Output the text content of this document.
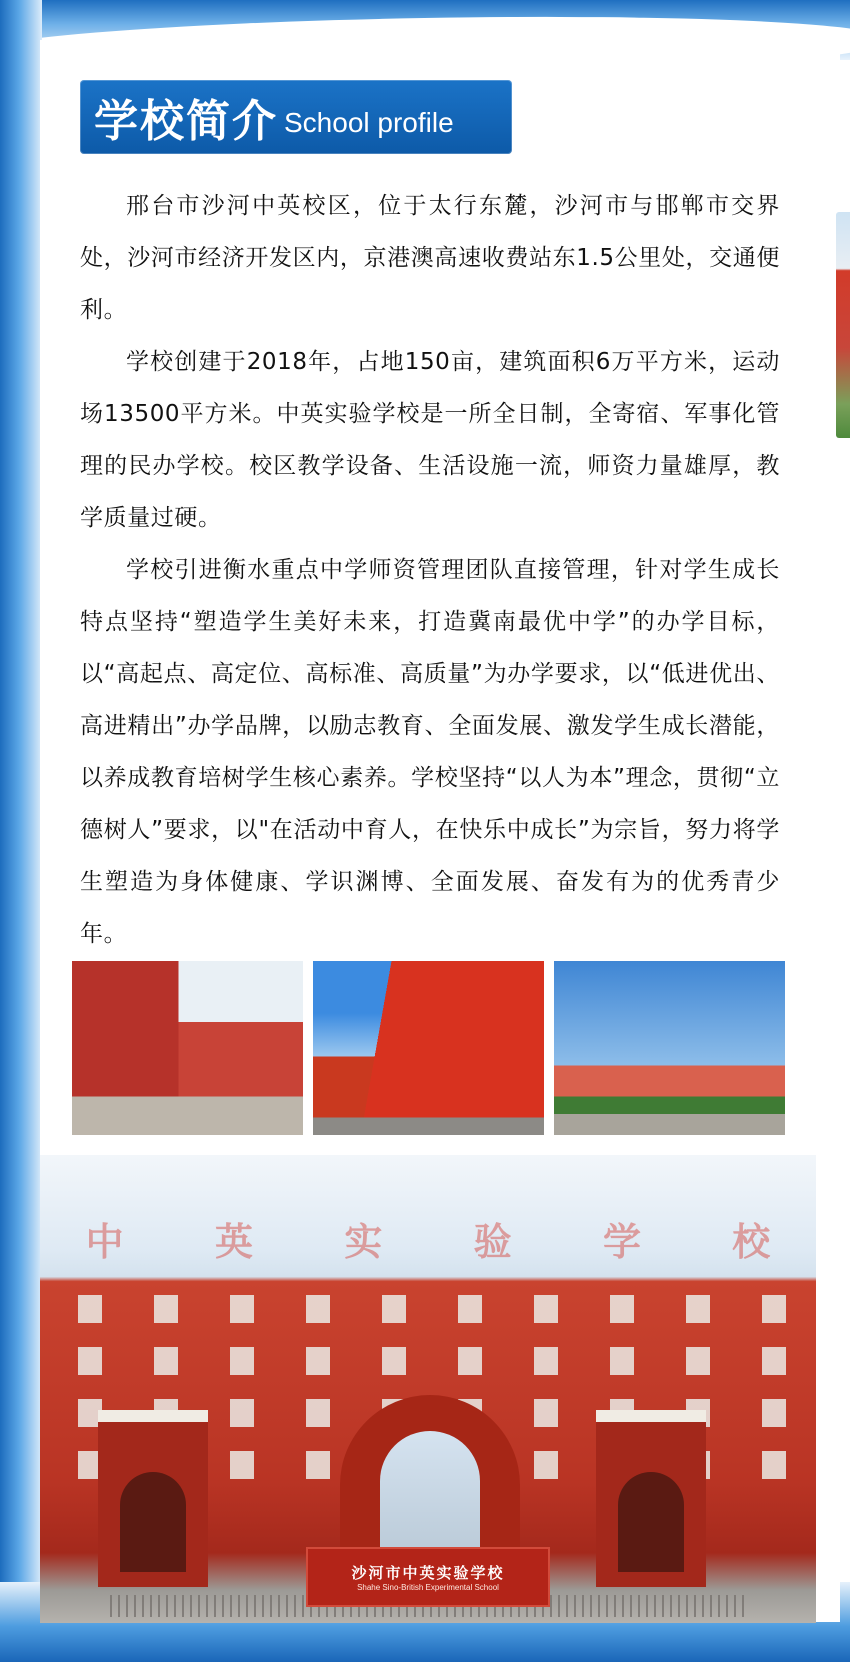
学校简介 School profile

邢台市沙河中英校区，位于太行东麓，沙河市与邯郸市交界处，沙河市经济开发区内，京港澳高速收费站东1.5公里处，交通便利。

学校创建于2018年，占地150亩，建筑面积6万平方米，运动场13500平方米。中英实验学校是一所全日制，全寄宿、军事化管理的民办学校。校区教学设备、生活设施一流，师资力量雄厚，教学质量过硬。

学校引进衡水重点中学师资管理团队直接管理，针对学生成长特点坚持“塑造学生美好未来，打造冀南最优中学”的办学目标，以“高起点、高定位、高标准、高质量”为办学要求，以“低进优出、高进精出”办学品牌，以励志教育、全面发展、激发学生成长潜能，以养成教育培树学生核心素养。学校坚持“以人为本”理念，贯彻“立德树人”要求，以"在活动中育人，在快乐中成长”为宗旨，努力将学生塑造为身体健康、学识渊博、全面发展、奋发有为的优秀青少年。

中 英 实 验 学 校
沙河市中英实验学校
Shahe Sino-British Experimental School
